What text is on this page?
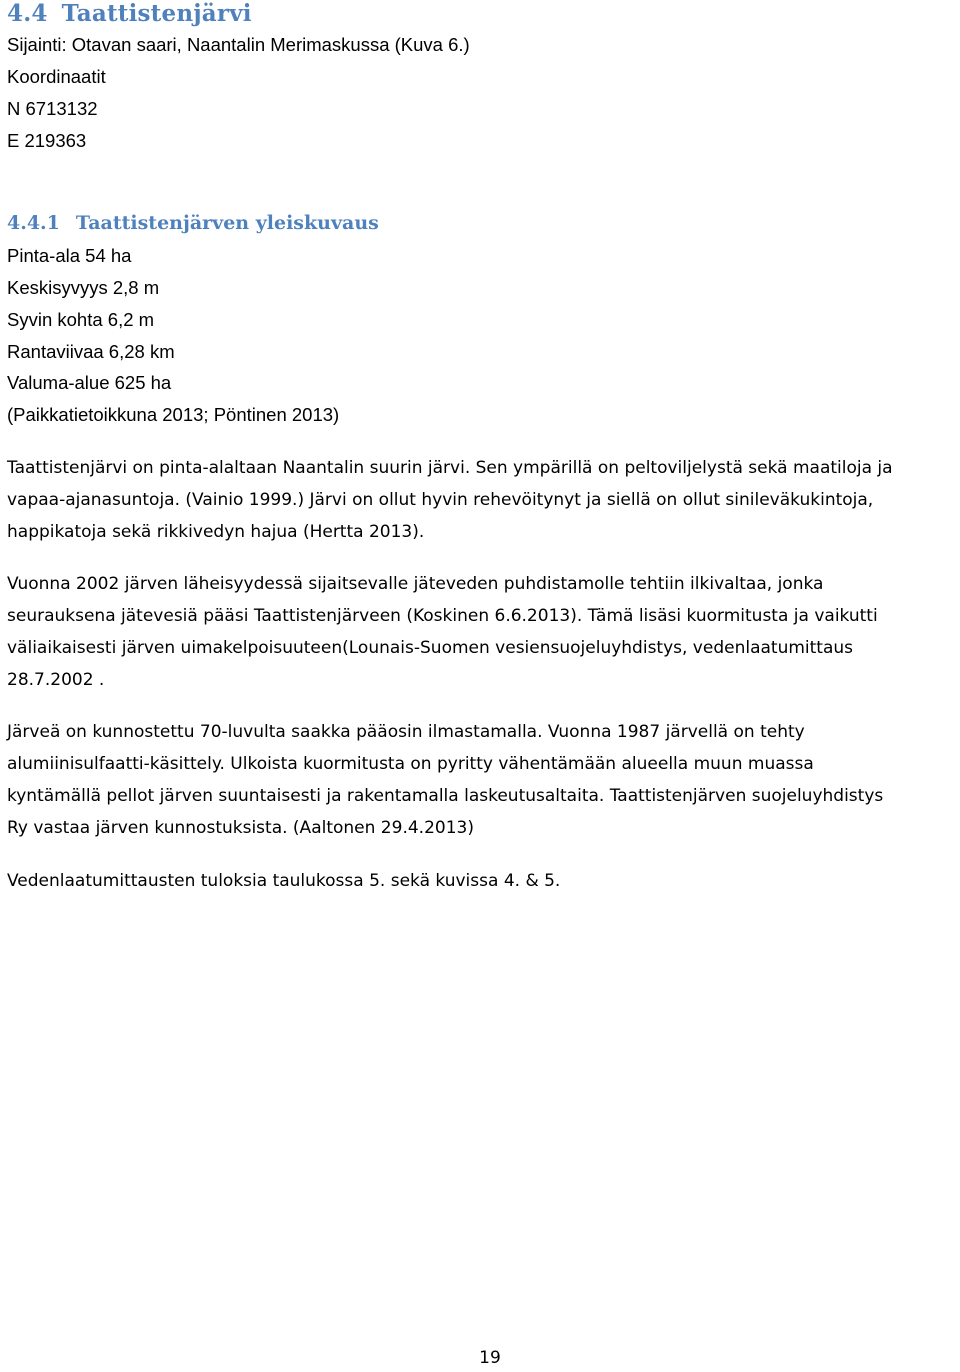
4.4 Taattistenjärvi
Sijainti: Otavan saari, Naantalin Merimaskussa (Kuva 6.)
Koordinaatit
N 6713132
E 219363
4.4.1 Taattistenjärven yleiskuvaus
Pinta-ala 54 ha
Keskisyvyys 2,8 m
Syvin kohta 6,2 m
Rantaviivaa 6,28 km
Valuma-alue 625 ha
(Paikkatietoikkuna 2013; Pöntinen 2013)
Taattistenjärvi on pinta-alaltaan Naantalin suurin järvi. Sen ympärillä on peltoviljelystä sekä maatiloja ja
vapaa-ajanasuntoja. (Vainio 1999.) Järvi on ollut hyvin rehevöitynyt ja siellä on ollut sinileväkukintoja,
happikatoja sekä rikkivedyn hajua (Hertta 2013).
Vuonna 2002 järven läheisyydessä sijaitsevalle jäteveden puhdistamolle tehtiin ilkivaltaa, jonka
seurauksena jätevesiä pääsi Taattistenjärveen (Koskinen 6.6.2013). Tämä lisäsi kuormitusta ja vaikutti
väliaikaisesti järven uimakelpoisuuteen(Lounais-Suomen vesiensuojeluyhdistys, vedenlaatumittaus
28.7.2002 .
Järveä on kunnostettu 70-luvulta saakka pääosin ilmastamalla. Vuonna 1987 järvellä on tehty
alumiinisulfaatti-käsittely. Ulkoista kuormitusta on pyritty vähentämään alueella muun muassa
kyntämällä pellot järven suuntaisesti ja rakentamalla laskeutusaltaita. Taattistenjärven suojeluyhdistys
Ry vastaa järven kunnostuksista. (Aaltonen 29.4.2013)
Vedenlaatumittausten tuloksia taulukossa 5. sekä kuvissa 4. & 5.
19
